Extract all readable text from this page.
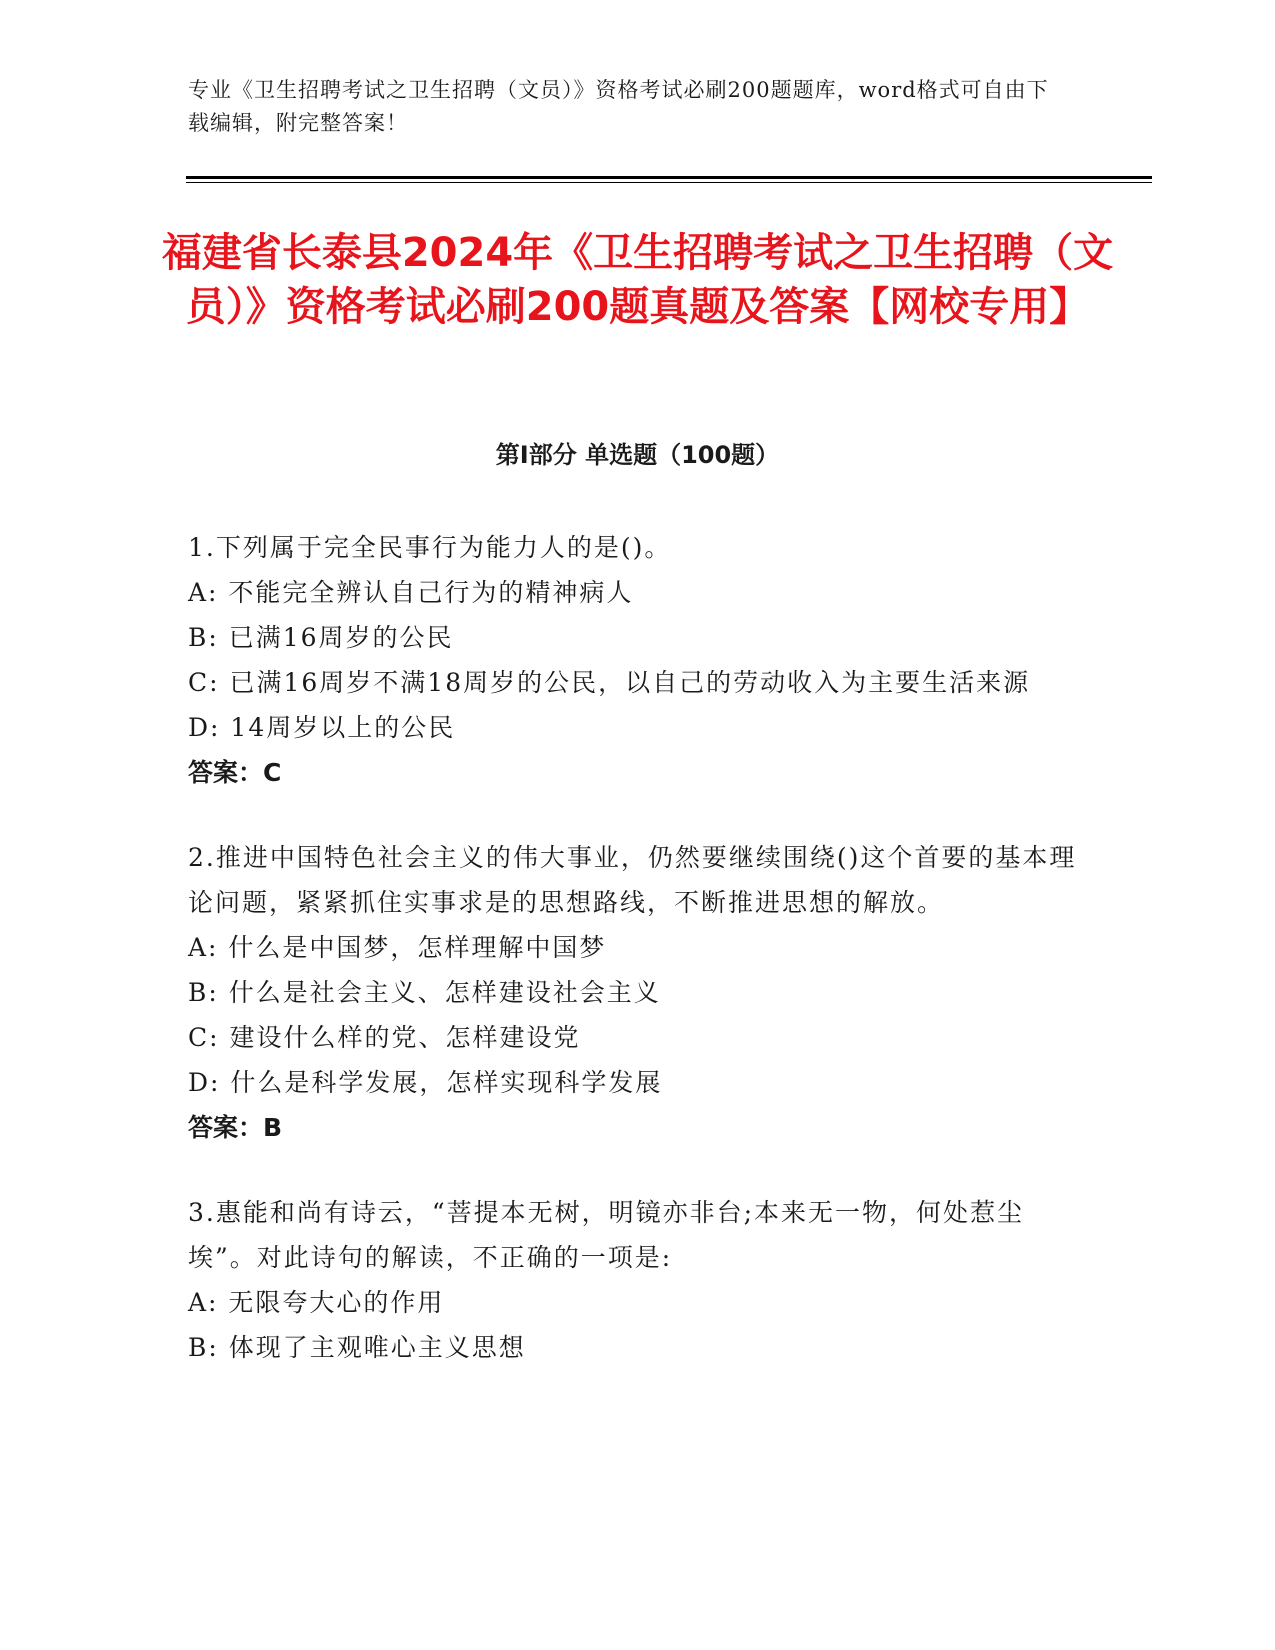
专业《卫生招聘考试之卫生招聘（文员）》资格考试必刷200题题库，word格式可自由下载编辑，附完整答案！
福建省长泰县2024年《卫生招聘考试之卫生招聘（文员）》资格考试必刷200题真题及答案【网校专用】
第Ⅰ部分 单选题（100题）
1.下列属于完全民事行为能力人的是()。
A: 不能完全辨认自己行为的精神病人
B: 已满16周岁的公民
C: 已满16周岁不满18周岁的公民，以自己的劳动收入为主要生活来源
D: 14周岁以上的公民
答案：C
2.推进中国特色社会主义的伟大事业，仍然要继续围绕()这个首要的基本理论问题，紧紧抓住实事求是的思想路线，不断推进思想的解放。
A: 什么是中国梦，怎样理解中国梦
B: 什么是社会主义、怎样建设社会主义
C: 建设什么样的党、怎样建设党
D: 什么是科学发展，怎样实现科学发展
答案：B
3.惠能和尚有诗云，“菩提本无树，明镜亦非台;本来无一物，何处惹尘埃”。对此诗句的解读，不正确的一项是:
A: 无限夸大心的作用
B: 体现了主观唯心主义思想
